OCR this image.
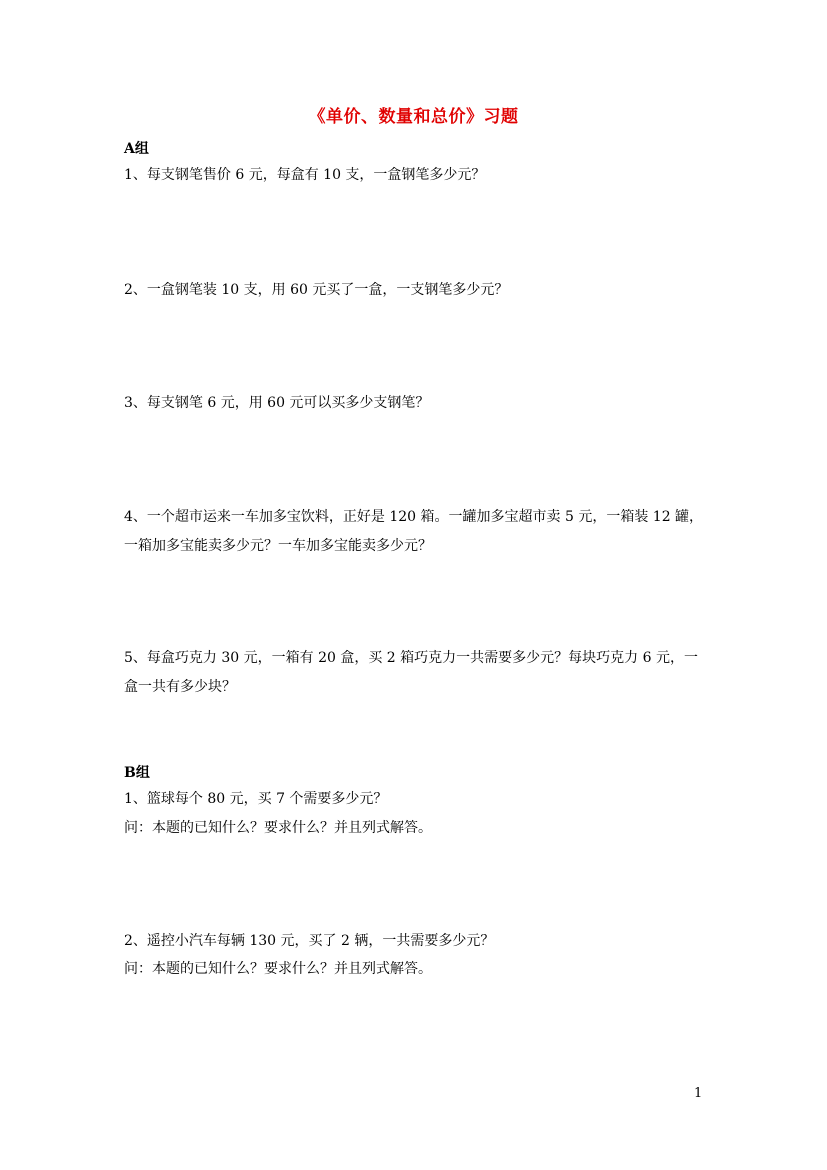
《单价、数量和总价》习题
A组
1、每支钢笔售价 6 元，每盒有 10 支，一盒钢笔多少元？
2、一盒钢笔装 10 支，用 60 元买了一盒，一支钢笔多少元？
3、每支钢笔 6 元，用 60 元可以买多少支钢笔？
4、一个超市运来一车加多宝饮料，正好是 120 箱。一罐加多宝超市卖 5 元，一箱装 12 罐，
一箱加多宝能卖多少元？一车加多宝能卖多少元？
5、每盒巧克力 30 元，一箱有 20 盒，买 2 箱巧克力一共需要多少元？每块巧克力 6 元，一
盒一共有多少块？
B组
1、篮球每个 80 元，买 7 个需要多少元？
问：本题的已知什么？要求什么？并且列式解答。
2、遥控小汽车每辆 130 元，买了 2 辆，一共需要多少元？
问：本题的已知什么？要求什么？并且列式解答。
1
